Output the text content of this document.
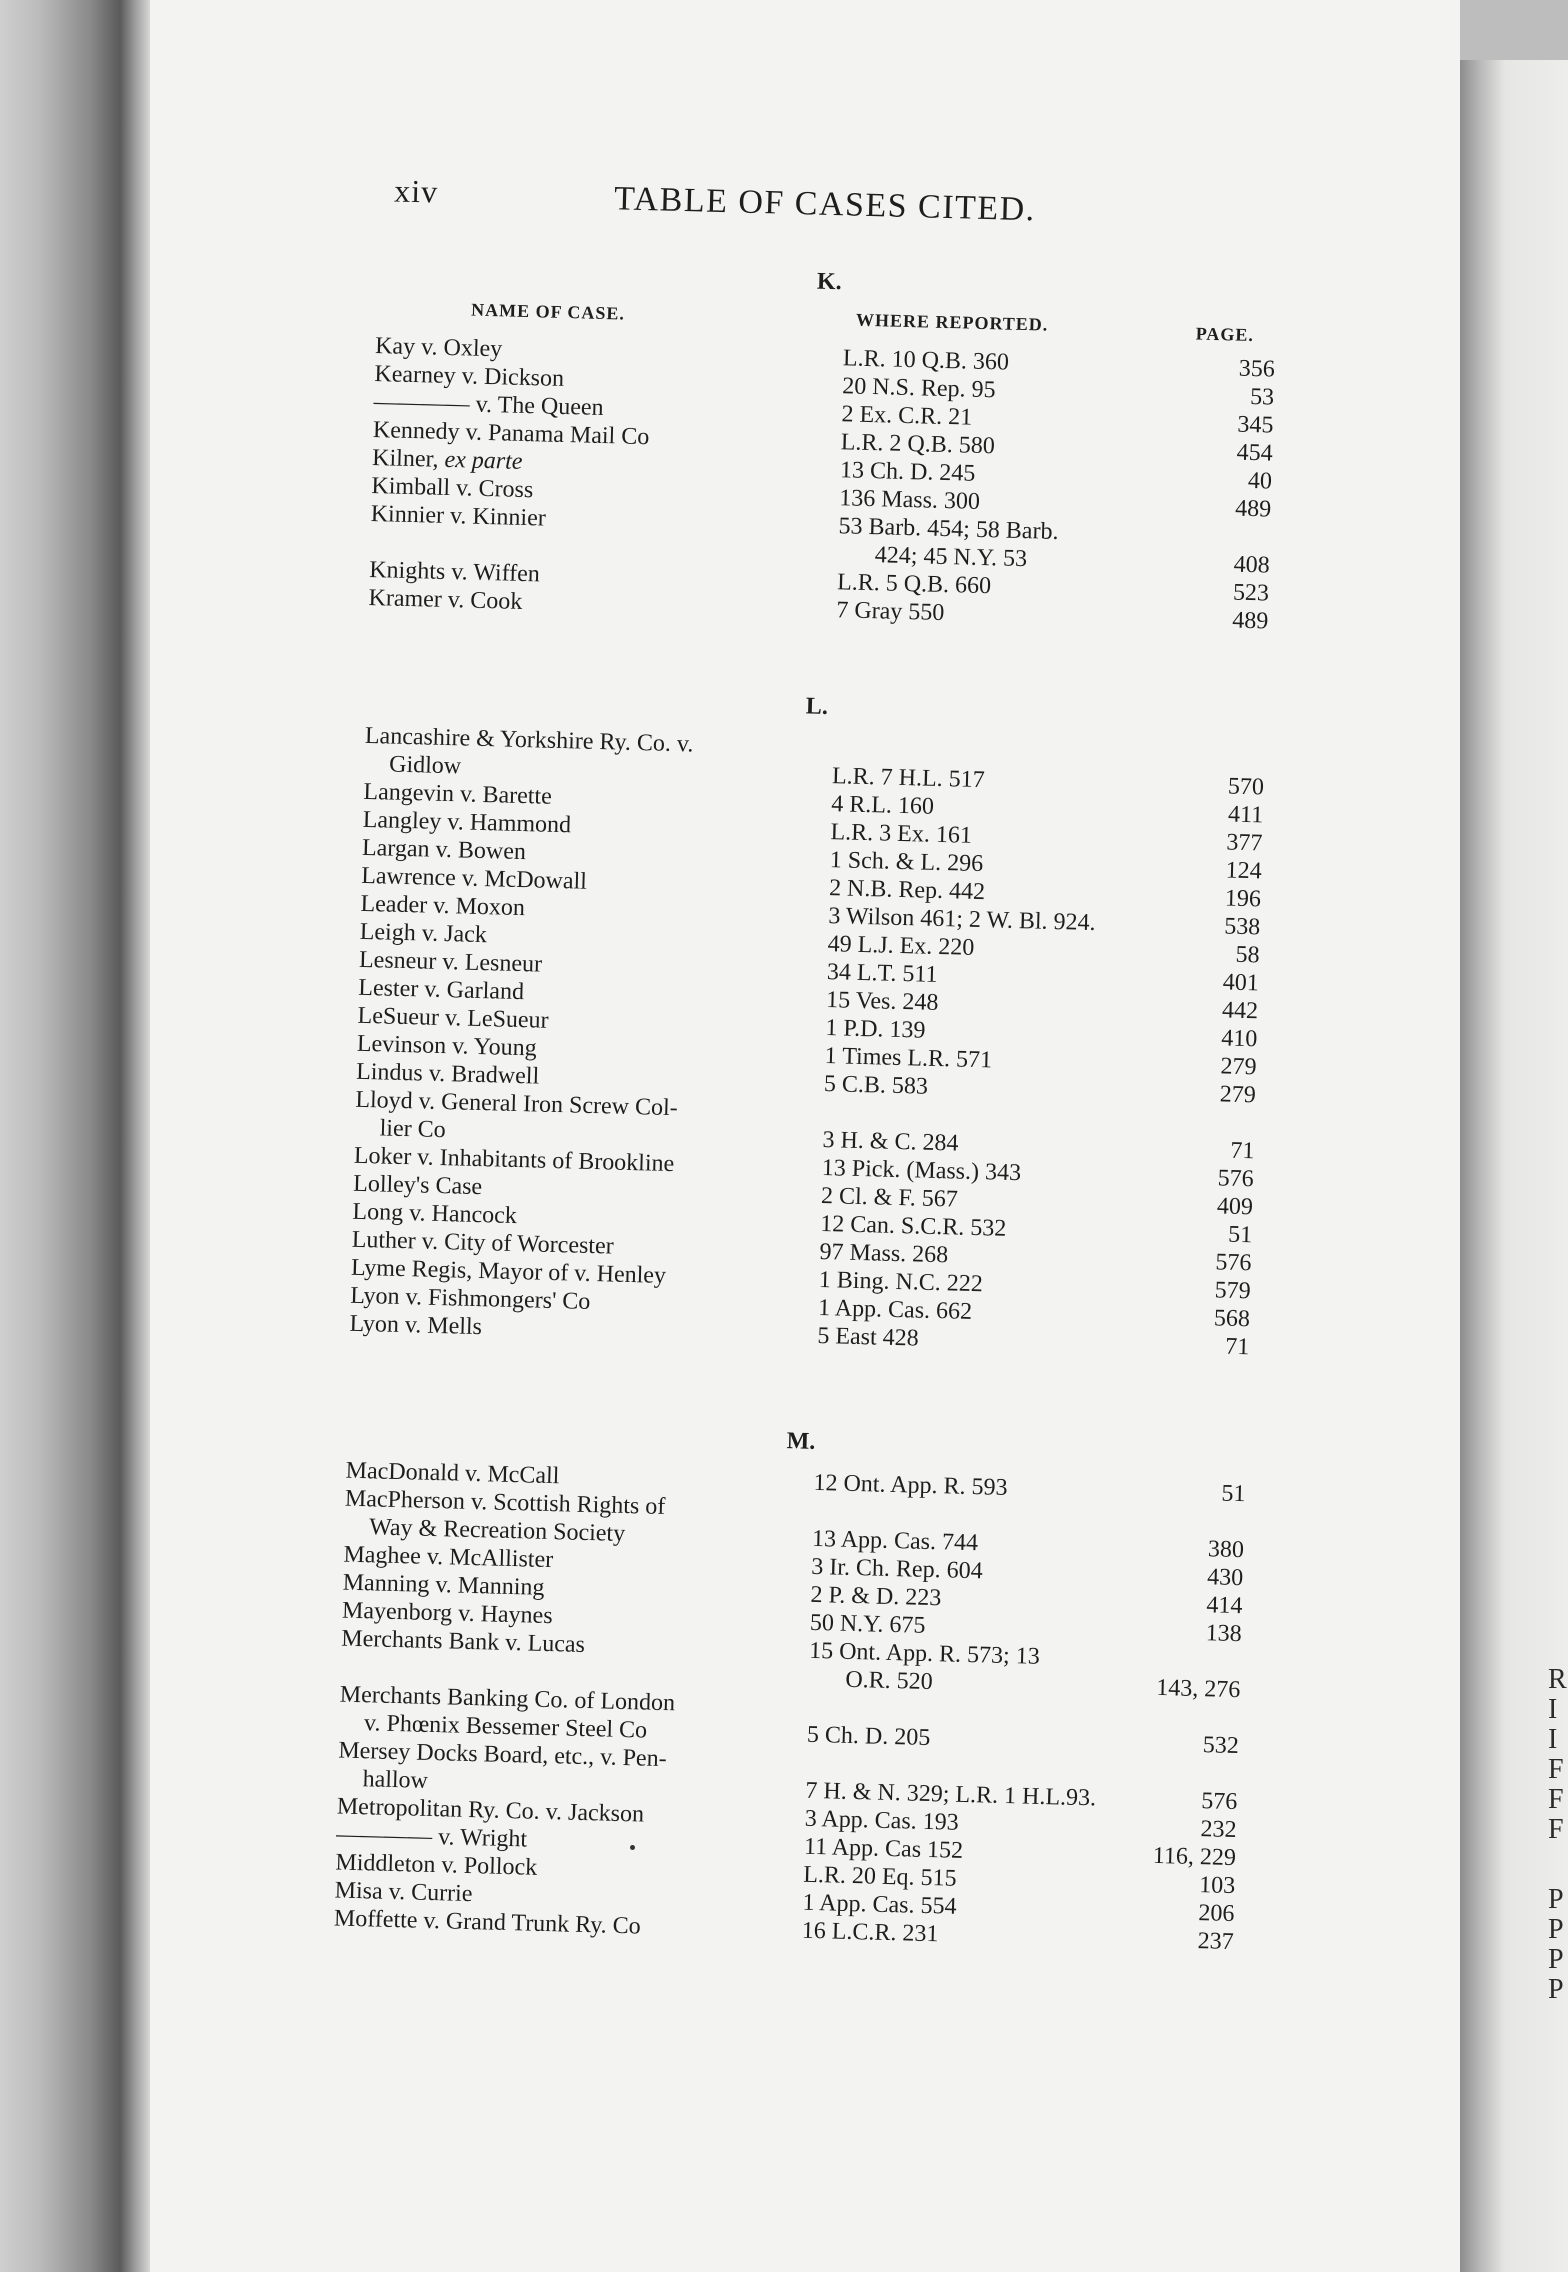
R
I
I
F
F
F
P
P
P
P
xiv	TABLE OF CASES CITED.
K.
NAME OF CASE.	WHERE REPORTED.	PAGE.
Kay v. Oxley	L.R. 10 Q.B. 360	356
Kearney v. Dickson	20 N.S. Rep. 95	53
———— v. The Queen	2 Ex. C.R. 21	345
Kennedy v. Panama Mail Co	L.R. 2 Q.B. 580	454
Kilner, ex parte	13 Ch. D. 245	40
Kimball v. Cross	136 Mass. 300	489
Kinnier v. Kinnier	53 Barb. 454; 58 Barb.
424; 45 N.Y. 53	408
Knights v. Wiffen	L.R. 5 Q.B. 660	523
Kramer v. Cook	7 Gray 550	489
L.
Lancashire & Yorkshire Ry. Co. v.
Gidlow	L.R. 7 H.L. 517	570
Langevin v. Barette	4 R.L. 160	411
Langley v. Hammond	L.R. 3 Ex. 161	377
Largan v. Bowen	1 Sch. & L. 296	124
Lawrence v. McDowall	2 N.B. Rep. 442	196
Leader v. Moxon	3 Wilson 461; 2 W. Bl. 924.	538
Leigh v. Jack	49 L.J. Ex. 220	58
Lesneur v. Lesneur	34 L.T. 511	401
Lester v. Garland	15 Ves. 248	442
LeSueur v. LeSueur	1 P.D. 139	410
Levinson v. Young	1 Times L.R. 571	279
Lindus v. Bradwell	5 C.B. 583	279
Lloyd v. General Iron Screw Col-
lier Co	3 H. & C. 284	71
Loker v. Inhabitants of Brookline	13 Pick. (Mass.) 343	576
Lolley's Case	2 Cl. & F. 567	409
Long v. Hancock	12 Can. S.C.R. 532	51
Luther v. City of Worcester	97 Mass. 268	576
Lyme Regis, Mayor of v. Henley	1 Bing. N.C. 222	579
Lyon v. Fishmongers' Co	1 App. Cas. 662	568
Lyon v. Mells	5 East 428	71
M.
MacDonald v. McCall	12 Ont. App. R. 593	51
MacPherson v. Scottish Rights of
Way & Recreation Society	13 App. Cas. 744	380
Maghee v. McAllister	3 Ir. Ch. Rep. 604	430
Manning v. Manning	2 P. & D. 223	414
Mayenborg v. Haynes	50 N.Y. 675	138
Merchants Bank v. Lucas	15 Ont. App. R. 573; 13
O.R. 520	143, 276
Merchants Banking Co. of London
v. Phœnix Bessemer Steel Co	5 Ch. D. 205	532
Mersey Docks Board, etc., v. Pen-
hallow	7 H. & N. 329; L.R. 1 H.L.93.	576
Metropolitan Ry. Co. v. Jackson	3 App. Cas. 193	232
———— v. Wright	11 App. Cas 152	116, 229
Middleton v. Pollock	L.R. 20 Eq. 515	103
Misa v. Currie	1 App. Cas. 554	206
Moffette v. Grand Trunk Ry. Co	16 L.C.R. 231	237
